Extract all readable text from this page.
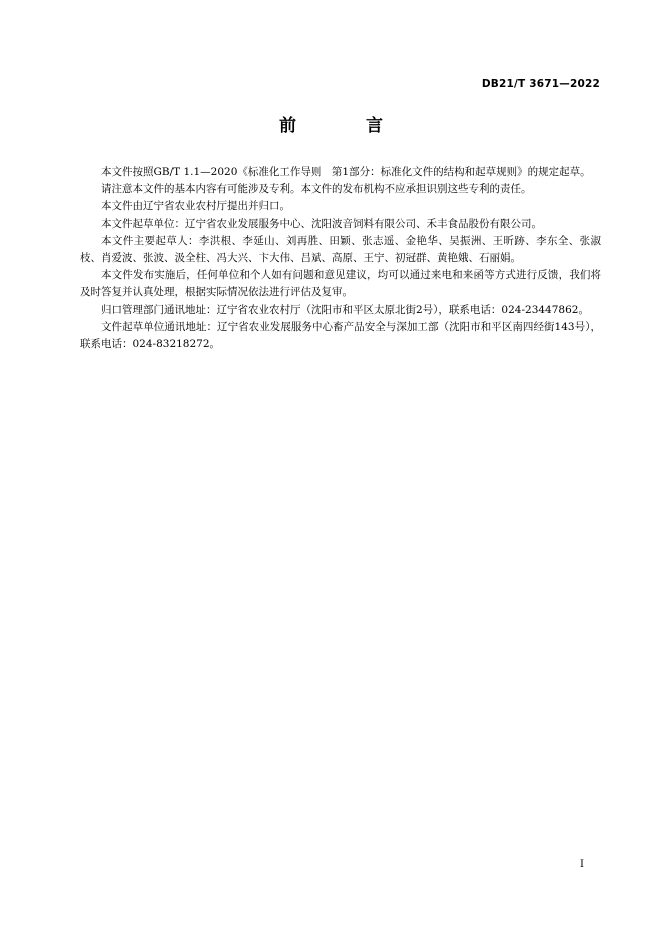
DB21/T 3671—2022
前 言

本文件按照GB/T 1.1—2020《标准化工作导则　第1部分：标准化文件的结构和起草规则》的规定起草。

请注意本文件的基本内容有可能涉及专利。本文件的发布机构不应承担识别这些专利的责任。

本文件由辽宁省农业农村厅提出并归口。

本文件起草单位：辽宁省农业发展服务中心、沈阳波音饲料有限公司、禾丰食品股份有限公司。

本文件主要起草人：李洪根、李延山、刘再胜、田颖、张志遥、金艳华、吴振洲、王昕跡、李东全、张淑枝、肖爱波、张波、汲全柱、冯大兴、卞大伟、吕斌、高原、王宁、初冠群、黄艳娥、石丽娟。

本文件发布实施后，任何单位和个人如有问题和意见建议，均可以通过来电和来函等方式进行反馈，我们将及时答复并认真处理，根据实际情况依法进行评估及复审。

归口管理部门通讯地址：辽宁省农业农村厅（沈阳市和平区太原北街2号），联系电话：024-23447862。

文件起草单位通讯地址：辽宁省农业发展服务中心畜产品安全与深加工部（沈阳市和平区南四经街143号），联系电话：024-83218272。

I
